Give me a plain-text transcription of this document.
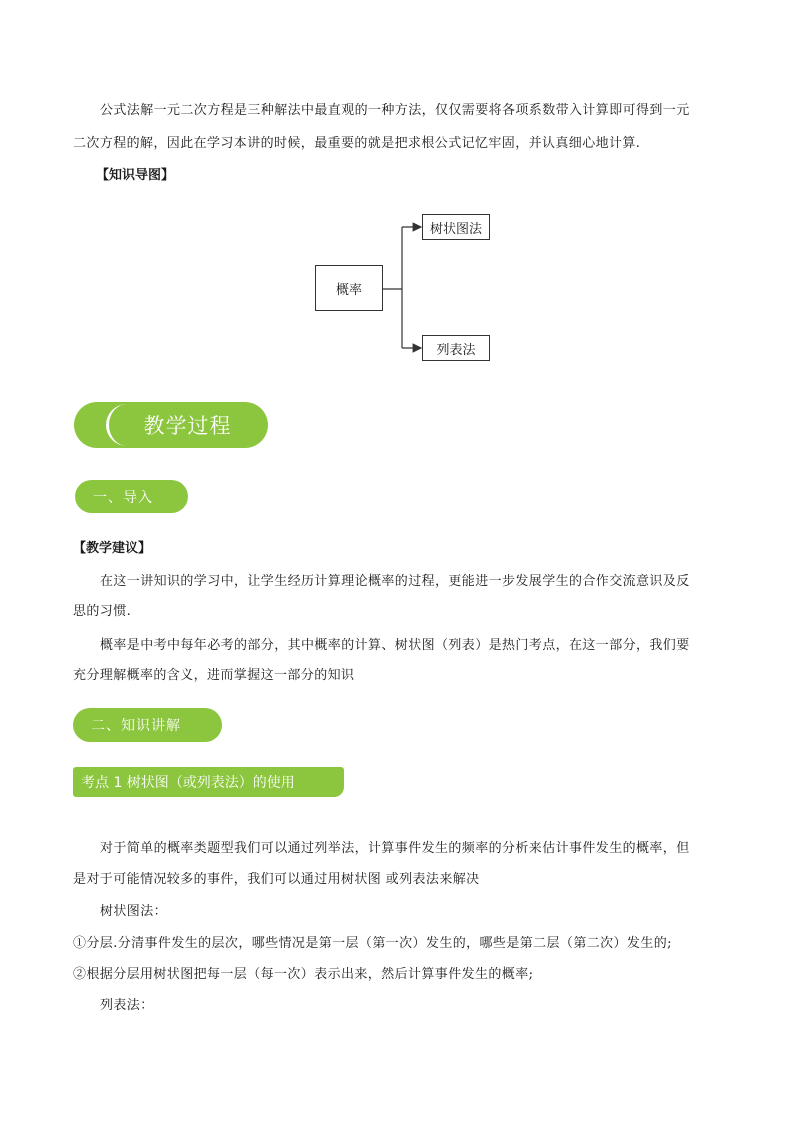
公式法解一元二次方程是三种解法中最直观的一种方法，仅仅需要将各项系数带入计算即可得到一元
二次方程的解，因此在学习本讲的时候，最重要的就是把求根公式记忆牢固，并认真细心地计算.
【知识导图】
概率
树状图法
列表法
教学过程
一、导入
【教学建议】
在这一讲知识的学习中，让学生经历计算理论概率的过程，更能进一步发展学生的合作交流意识及反
思的习惯.
概率是中考中每年必考的部分，其中概率的计算、树状图（列表）是热门考点，在这一部分，我们要
充分理解概率的含义，进而掌握这一部分的知识
二、知识讲解
考点 1 树状图（或列表法）的使用
对于简单的概率类题型我们可以通过列举法，计算事件发生的频率的分析来估计事件发生的概率，但
是对于可能情况较多的事件，我们可以通过用树状图 或列表法来解决
树状图法：
①分层.分清事件发生的层次，哪些情况是第一层（第一次）发生的，哪些是第二层（第二次）发生的;
②根据分层用树状图把每一层（每一次）表示出来，然后计算事件发生的概率;
列表法：
